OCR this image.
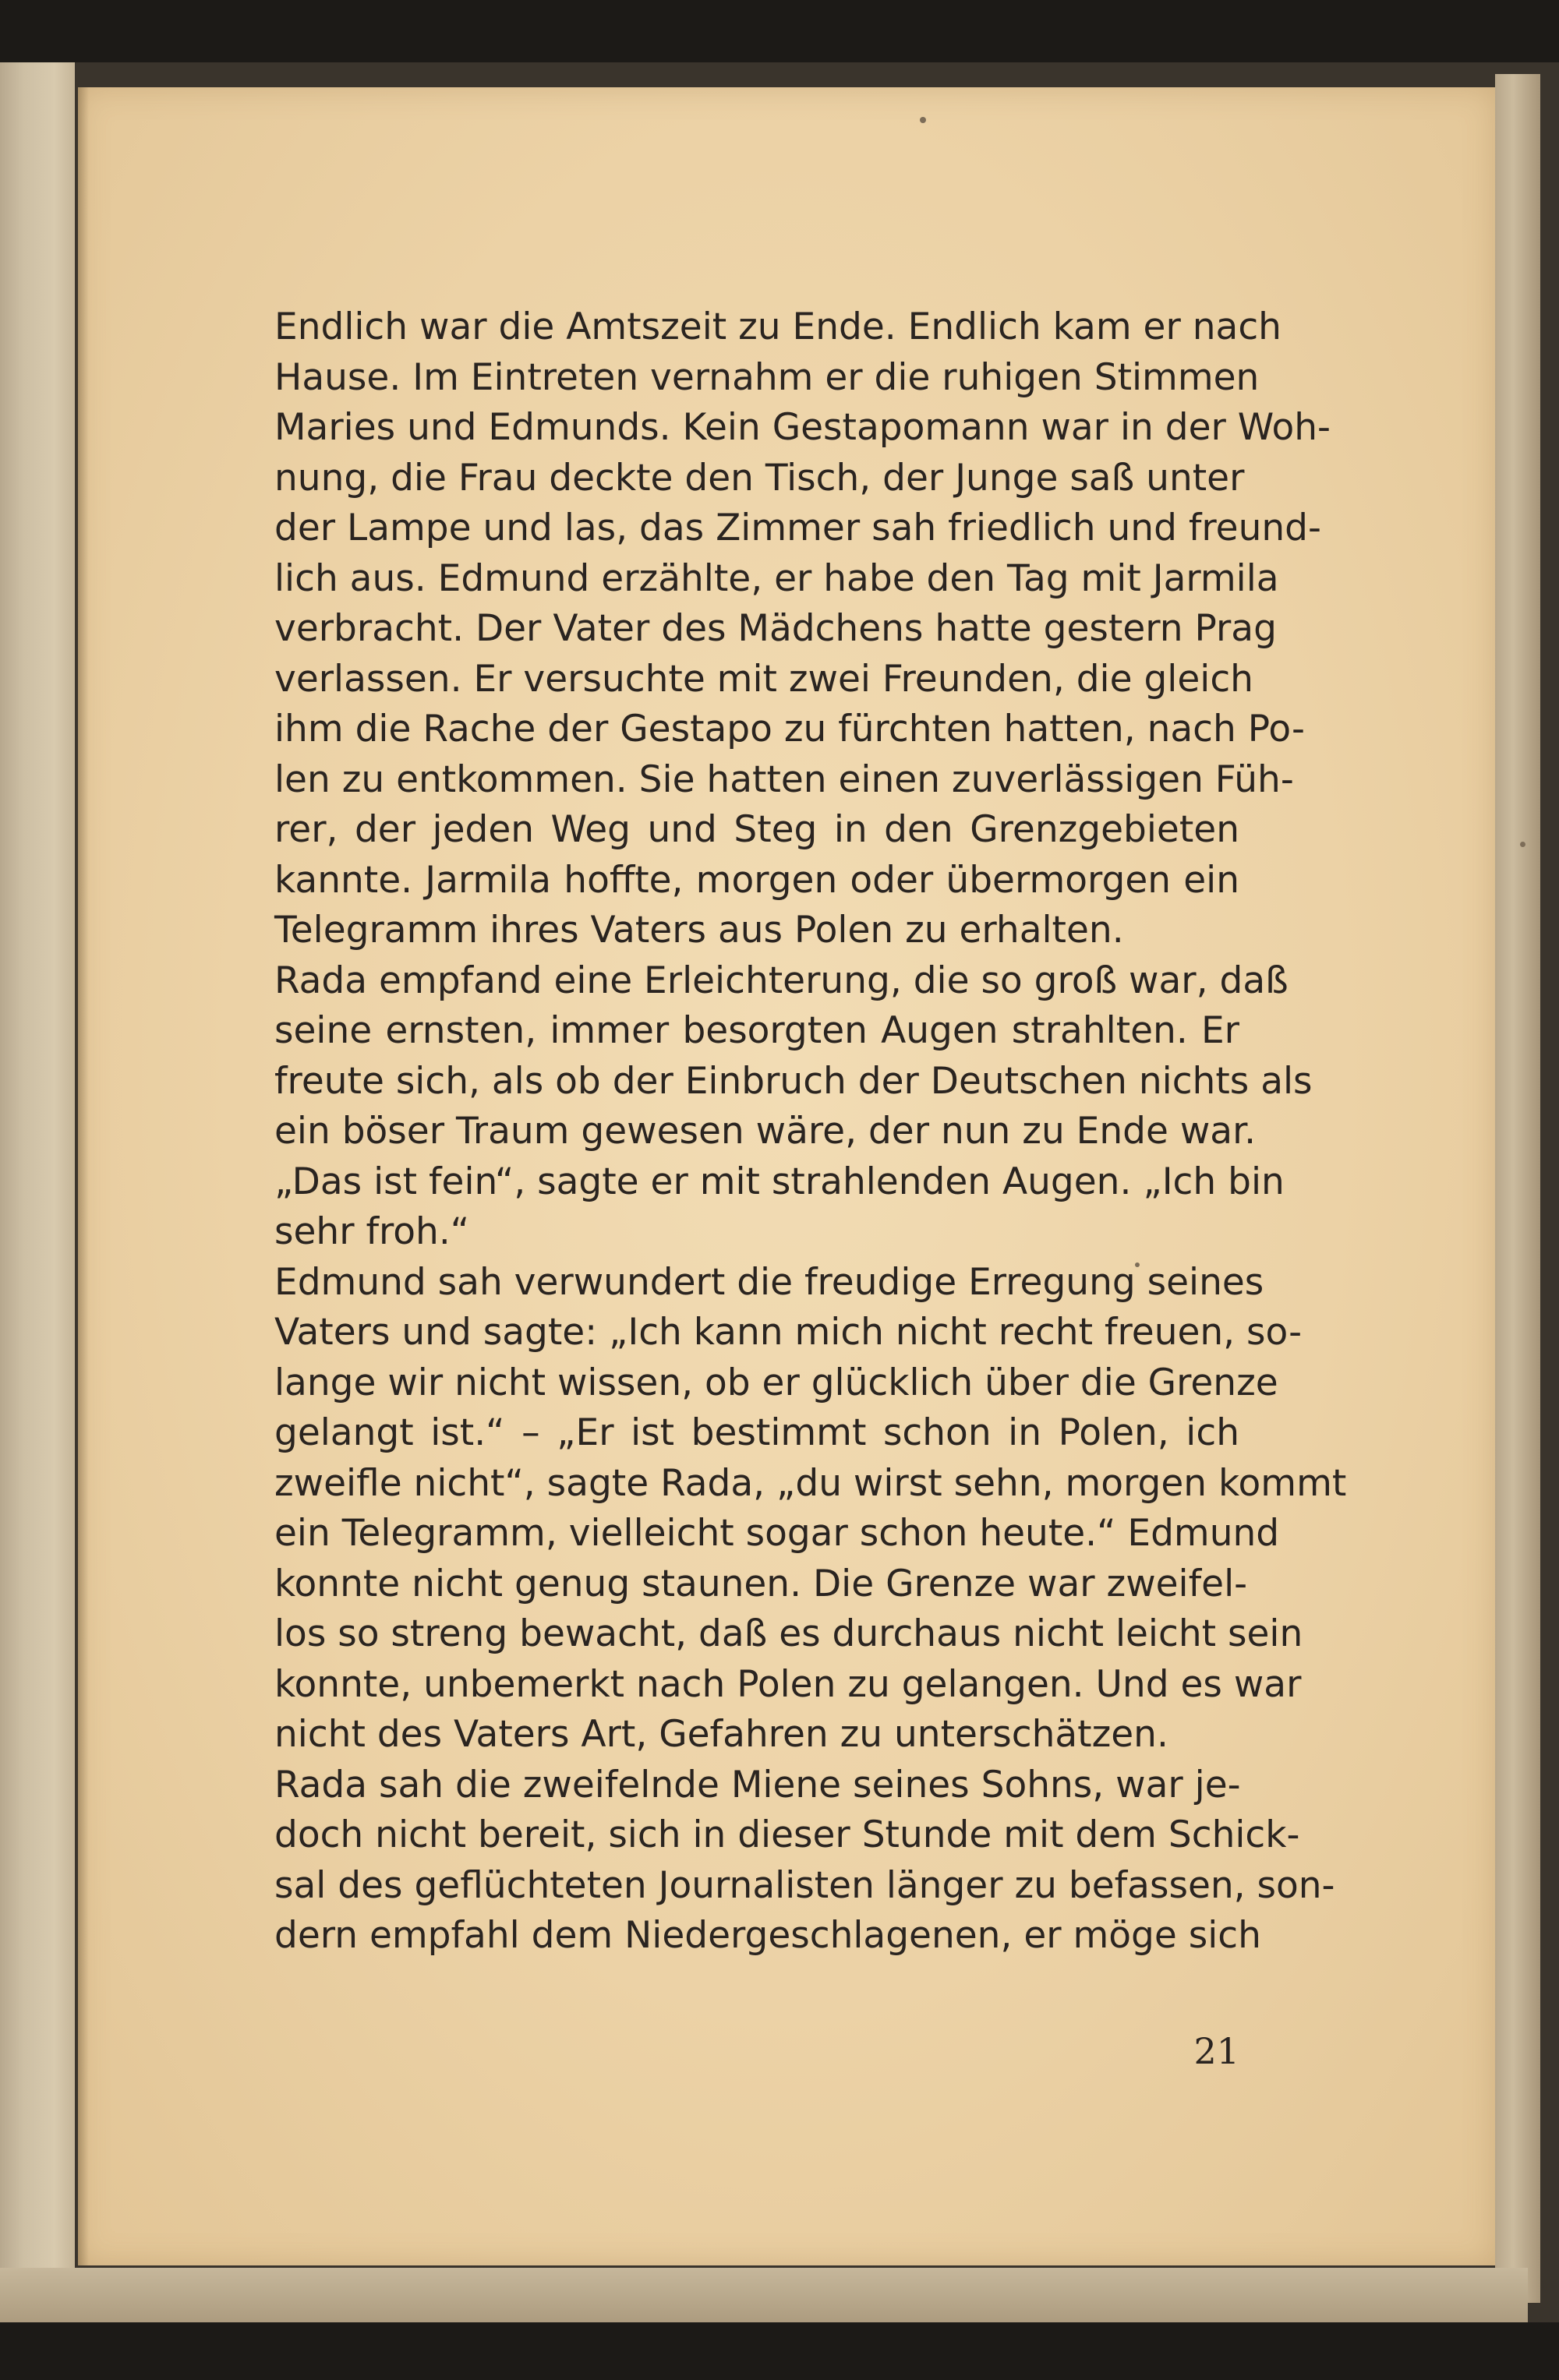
Endlich war die Amtszeit zu Ende. Endlich kam er nach
Hause. Im Eintreten vernahm er die ruhigen Stimmen
Maries und Edmunds. Kein Gestapomann war in der Woh-
nung, die Frau deckte den Tisch, der Junge saß unter
der Lampe und las, das Zimmer sah friedlich und freund-
lich aus. Edmund erzählte, er habe den Tag mit Jarmila
verbracht. Der Vater des Mädchens hatte gestern Prag
verlassen. Er versuchte mit zwei Freunden, die gleich
ihm die Rache der Gestapo zu fürchten hatten, nach Po-
len zu entkommen. Sie hatten einen zuverlässigen Füh-
rer, der jeden Weg und Steg in den Grenzgebieten
kannte. Jarmila hoffte, morgen oder übermorgen ein
Telegramm ihres Vaters aus Polen zu erhalten.
Rada empfand eine Erleichterung, die so groß war, daß
seine ernsten, immer besorgten Augen strahlten. Er
freute sich, als ob der Einbruch der Deutschen nichts als
ein böser Traum gewesen wäre, der nun zu Ende war.
„Das ist fein“, sagte er mit strahlenden Augen. „Ich bin
sehr froh.“
Edmund sah verwundert die freudige Erregung seines
Vaters und sagte: „Ich kann mich nicht recht freuen, so-
lange wir nicht wissen, ob er glücklich über die Grenze
gelangt ist.“ – „Er ist bestimmt schon in Polen, ich
zweifle nicht“, sagte Rada, „du wirst sehn, morgen kommt
ein Telegramm, vielleicht sogar schon heute.“ Edmund
konnte nicht genug staunen. Die Grenze war zweifel-
los so streng bewacht, daß es durchaus nicht leicht sein
konnte, unbemerkt nach Polen zu gelangen. Und es war
nicht des Vaters Art, Gefahren zu unterschätzen.
Rada sah die zweifelnde Miene seines Sohns, war je-
doch nicht bereit, sich in dieser Stunde mit dem Schick-
sal des geflüchteten Journalisten länger zu befassen, son-
dern empfahl dem Niedergeschlagenen, er möge sich
21
